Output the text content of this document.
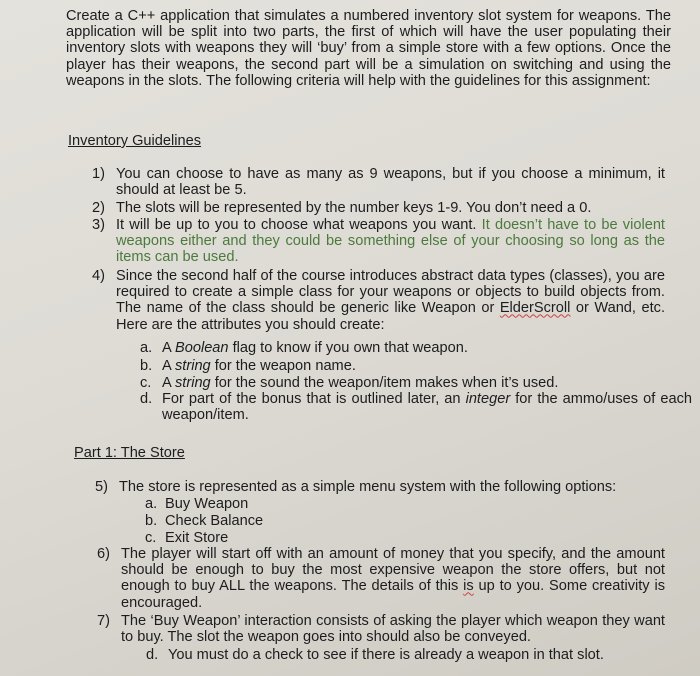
Create a C++ application that simulates a numbered inventory slot system for weapons. The application will be split into two parts, the first of which will have the user populating their inventory slots with weapons they will ‘buy’ from a simple store with a few options. Once the player has their weapons, the second part will be a simulation on switching and using the weapons in the slots. The following criteria will help with the guidelines for this assignment:

Inventory Guidelines
1) You can choose to have as many as 9 weapons, but if you choose a minimum, it should at least be 5.
2) The slots will be represented by the number keys 1-9. You don’t need a 0.
3) It will be up to you to choose what weapons you want. It doesn’t have to be violent weapons either and they could be something else of your choosing so long as the items can be used.
4) Since the second half of the course introduces abstract data types (classes), you are required to create a simple class for your weapons or objects to build objects from. The name of the class should be generic like Weapon or ElderScroll or Wand, etc. Here are the attributes you should create:
a. A Boolean flag to know if you own that weapon.
b. A string for the weapon name.
c. A string for the sound the weapon/item makes when it’s used.
d. For part of the bonus that is outlined later, an integer for the ammo/uses of each weapon/item.
Part 1: The Store
5) The store is represented as a simple menu system with the following options:
a. Buy Weapon
b. Check Balance
c. Exit Store
6) The player will start off with an amount of money that you specify, and the amount should be enough to buy the most expensive weapon the store offers, but not enough to buy ALL the weapons. The details of this is up to you. Some creativity is encouraged.
7) The ‘Buy Weapon’ interaction consists of asking the player which weapon they want to buy. The slot the weapon goes into should also be conveyed.
d. You must do a check to see if there is already a weapon in that slot.
